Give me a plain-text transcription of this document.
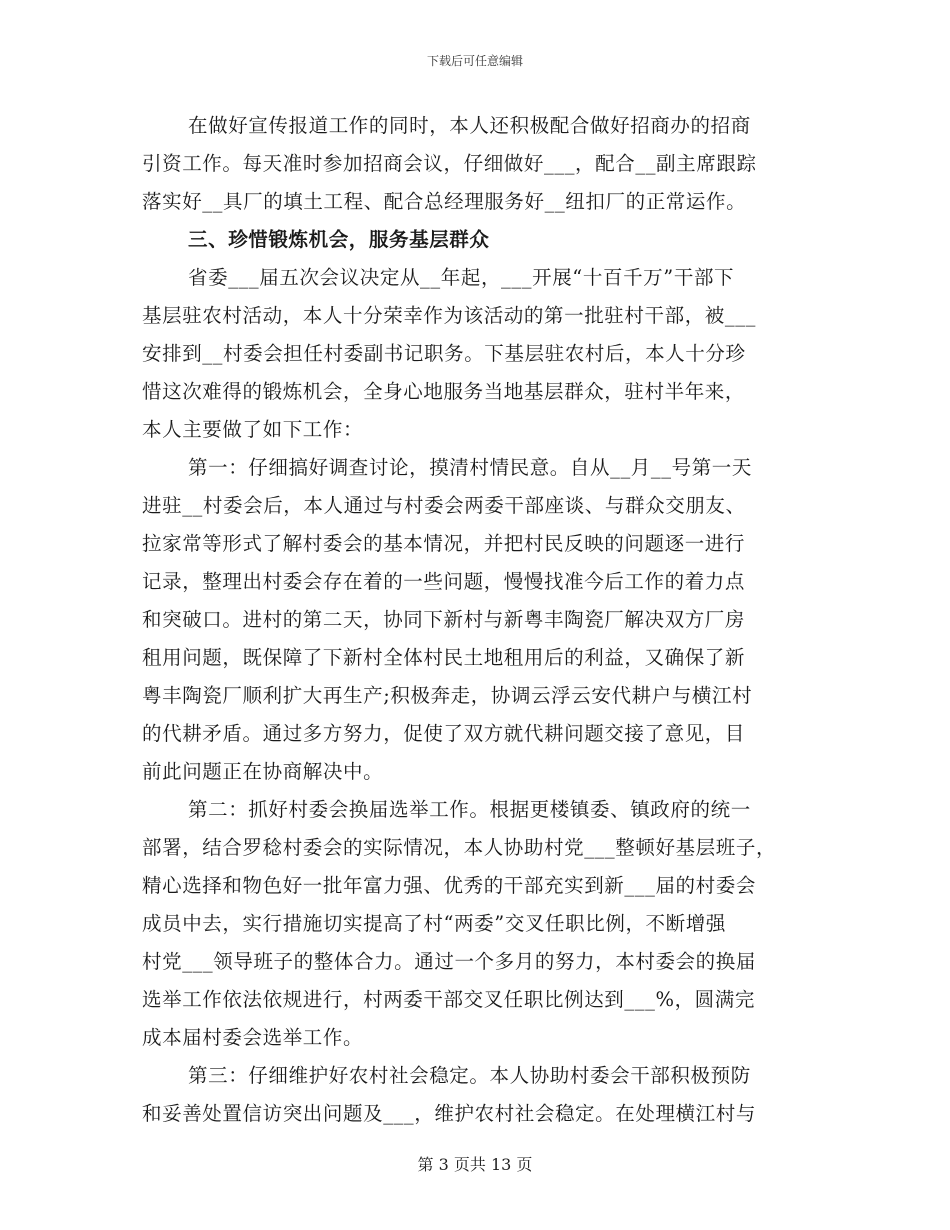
下载后可任意编辑
在做好宣传报道工作的同时，本人还积极配合做好招商办的招商
引资工作。每天准时参加招商会议，仔细做好___，配合__副主席跟踪
落实好__具厂的填土工程、配合总经理服务好__纽扣厂的正常运作。
三、珍惜锻炼机会，服务基层群众
省委___届五次会议决定从__年起，___开展“十百千万”干部下
基层驻农村活动，本人十分荣幸作为该活动的第一批驻村干部，被___
安排到__村委会担任村委副书记职务。下基层驻农村后，本人十分珍
惜这次难得的锻炼机会，全身心地服务当地基层群众，驻村半年来，
本人主要做了如下工作：
第一：仔细搞好调查讨论，摸清村情民意。自从__月__号第一天
进驻__村委会后，本人通过与村委会两委干部座谈、与群众交朋友、
拉家常等形式了解村委会的基本情况，并把村民反映的问题逐一进行
记录，整理出村委会存在着的一些问题，慢慢找准今后工作的着力点
和突破口。进村的第二天，协同下新村与新粤丰陶瓷厂解决双方厂房
租用问题，既保障了下新村全体村民土地租用后的利益，又确保了新
粤丰陶瓷厂顺利扩大再生产;积极奔走，协调云浮云安代耕户与横江村
的代耕矛盾。通过多方努力，促使了双方就代耕问题交接了意见，目
前此问题正在协商解决中。
第二：抓好村委会换届选举工作。根据更楼镇委、镇政府的统一
部署，结合罗稔村委会的实际情况，本人协助村党___整顿好基层班子，
精心选择和物色好一批年富力强、优秀的干部充实到新___届的村委会
成员中去，实行措施切实提高了村“两委”交叉任职比例，不断增强
村党___领导班子的整体合力。通过一个多月的努力，本村委会的换届
选举工作依法依规进行，村两委干部交叉任职比例达到___%，圆满完
成本届村委会选举工作。
第三：仔细维护好农村社会稳定。本人协助村委会干部积极预防
和妥善处置信访突出问题及___，维护农村社会稳定。在处理横江村与
第 3 页共 13 页
